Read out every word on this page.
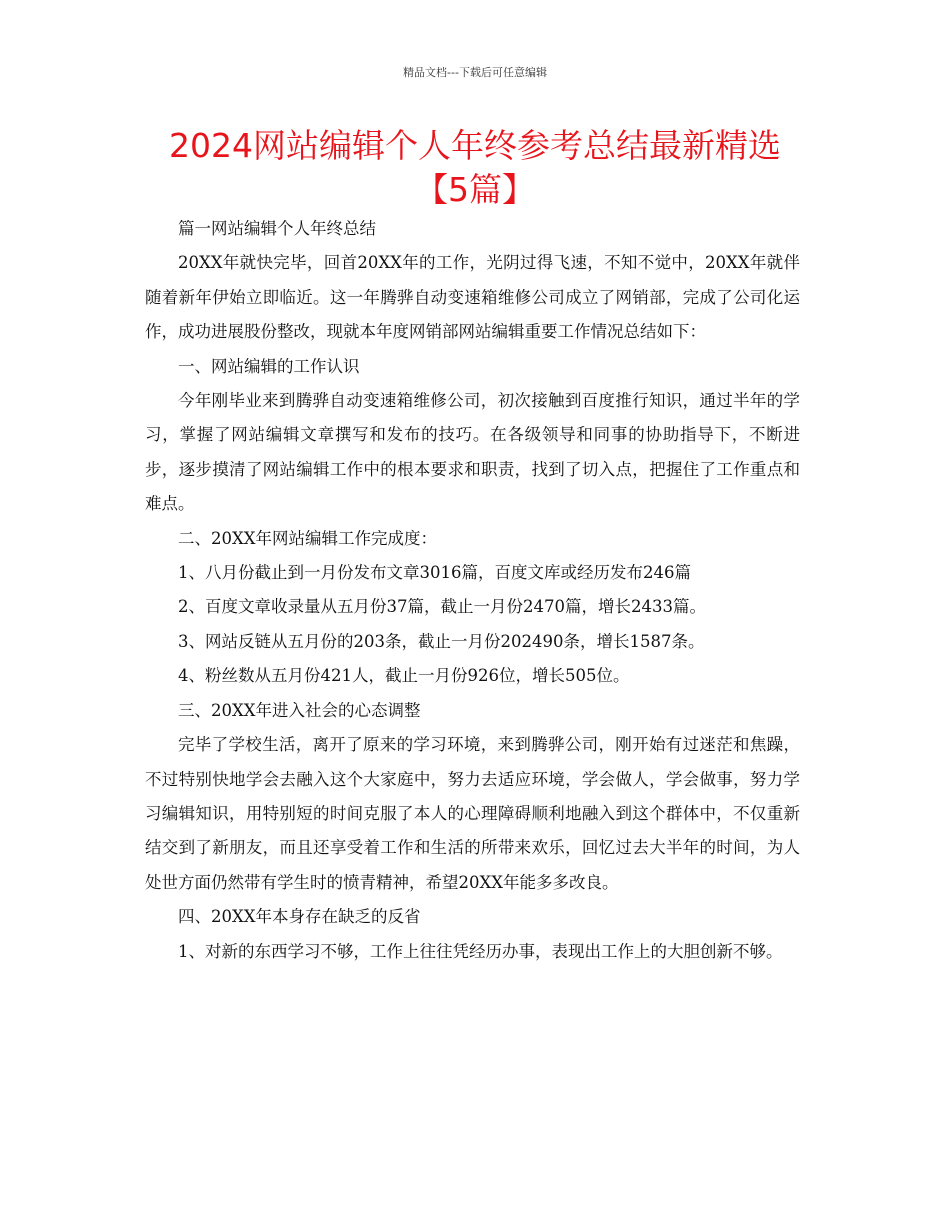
精品文档---下载后可任意编辑
2024网站编辑个人年终参考总结最新精选【5篇】

篇一网站编辑个人年终总结

20XX年就快完毕，回首20XX年的工作，光阴过得飞速，不知不觉中，20XX年就伴随着新年伊始立即临近。这一年腾骅自动变速箱维修公司成立了网销部，完成了公司化运作，成功进展股份整改，现就本年度网销部网站编辑重要工作情况总结如下：

一、网站编辑的工作认识

今年刚毕业来到腾骅自动变速箱维修公司，初次接触到百度推行知识，通过半年的学习，掌握了网站编辑文章撰写和发布的技巧。在各级领导和同事的协助指导下，不断进步，逐步摸清了网站编辑工作中的根本要求和职责，找到了切入点，把握住了工作重点和难点。

二、20XX年网站编辑工作完成度：

1、八月份截止到一月份发布文章3016篇，百度文库或经历发布246篇

2、百度文章收录量从五月份37篇，截止一月份2470篇，增长2433篇。

3、网站反链从五月份的203条，截止一月份202490条，增长1587条。

4、粉丝数从五月份421人，截止一月份926位，增长505位。

三、20XX年进入社会的心态调整

完毕了学校生活，离开了原来的学习环境，来到腾骅公司，刚开始有过迷茫和焦躁，不过特别快地学会去融入这个大家庭中，努力去适应环境，学会做人，学会做事，努力学习编辑知识，用特别短的时间克服了本人的心理障碍顺利地融入到这个群体中，不仅重新结交到了新朋友，而且还享受着工作和生活的所带来欢乐，回忆过去大半年的时间，为人处世方面仍然带有学生时的愤青精神，希望20XX年能多多改良。

四、20XX年本身存在缺乏的反省

1、对新的东西学习不够，工作上往往凭经历办事，表现出工作上的大胆创新不够。
